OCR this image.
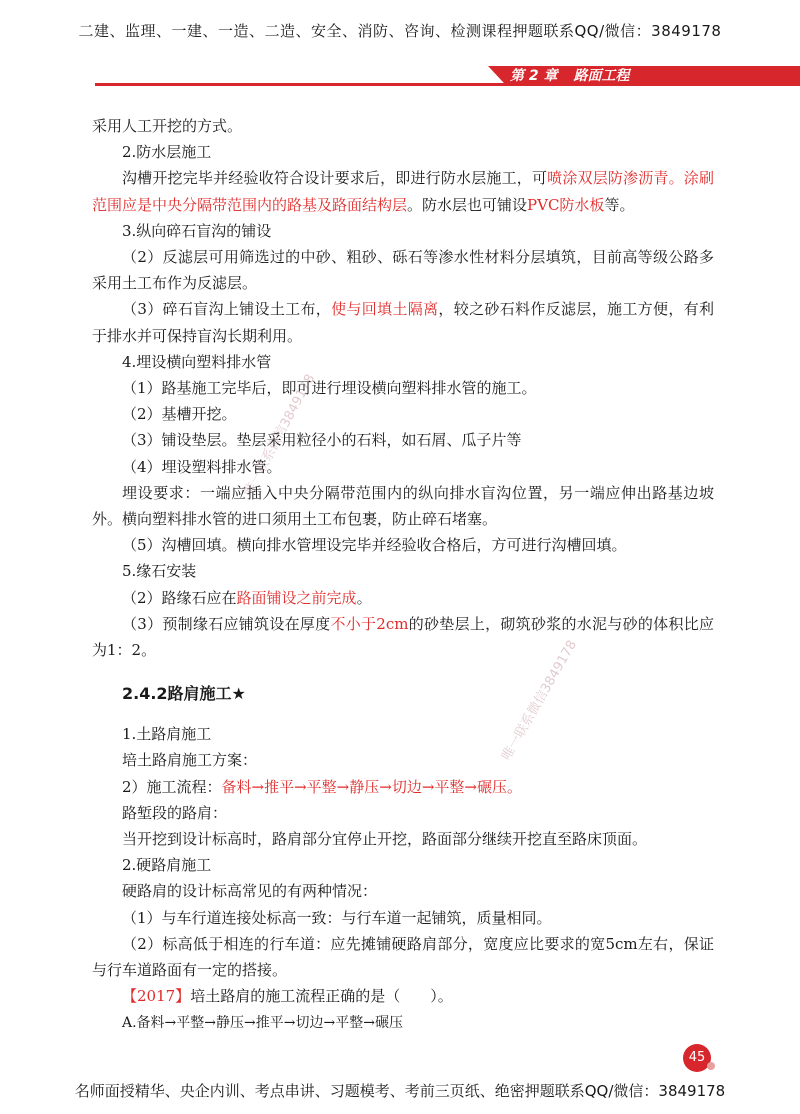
二建、监理、一建、一造、二造、安全、消防、咨询、检测课程押题联系QQ/微信：3849178
第 2 章 路面工程
唯一联系微信3849178
唯一联系微信3849178

采用人工开挖的方式。

2.防水层施工

沟槽开挖完毕并经验收符合设计要求后，即进行防水层施工，可喷涂双层防渗沥青。涂刷范围应是中央分隔带范围内的路基及路面结构层。防水层也可铺设PVC防水板等。

3.纵向碎石盲沟的铺设

（2）反滤层可用筛选过的中砂、粗砂、砾石等渗水性材料分层填筑，目前高等级公路多采用土工布作为反滤层。

（3）碎石盲沟上铺设土工布，使与回填土隔离，较之砂石料作反滤层，施工方便，有利于排水并可保持盲沟长期利用。

4.埋设横向塑料排水管

（1）路基施工完毕后，即可进行埋设横向塑料排水管的施工。

（2）基槽开挖。

（3）铺设垫层。垫层采用粒径小的石料，如石屑、瓜子片等

（4）埋设塑料排水管。

埋设要求：一端应插入中央分隔带范围内的纵向排水盲沟位置，另一端应伸出路基边坡外。横向塑料排水管的进口须用土工布包裹，防止碎石堵塞。

（5）沟槽回填。横向排水管埋设完毕并经验收合格后，方可进行沟槽回填。

5.缘石安装

（2）路缘石应在路面铺设之前完成。

（3）预制缘石应铺筑设在厚度不小于2cm的砂垫层上，砌筑砂浆的水泥与砂的体积比应为1：2。

2.4.2路肩施工★

1.土路肩施工

培土路肩施工方案：

2）施工流程：备料→推平→平整→静压→切边→平整→碾压。

路堑段的路肩：

当开挖到设计标高时，路肩部分宜停止开挖，路面部分继续开挖直至路床顶面。

2.硬路肩施工

硬路肩的设计标高常见的有两种情况：

（1）与车行道连接处标高一致：与行车道一起铺筑，质量相同。

（2）标高低于相连的行车道：应先摊铺硬路肩部分，宽度应比要求的宽5cm左右，保证与行车道路面有一定的搭接。

【2017】培土路肩的施工流程正确的是（　　）。

A.备料→平整→静压→推平→切边→平整→碾压

45
名师面授精华、央企内训、考点串讲、习题模考、考前三页纸、绝密押题联系QQ/微信：3849178
